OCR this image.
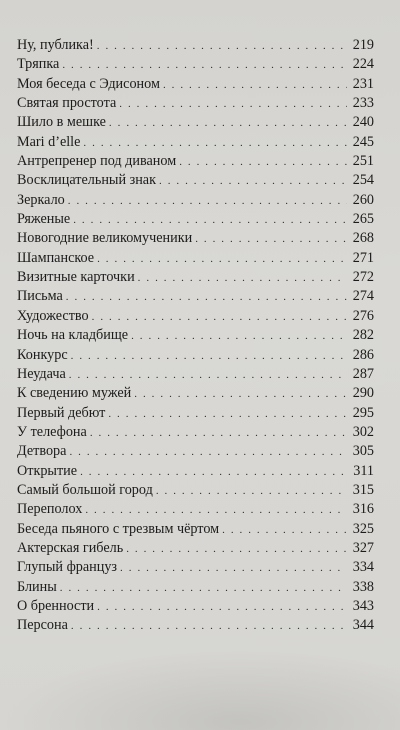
Ну, публика! . . .	219
Тряпка . . .	224
Моя беседа с Эдисоном . . .	231
Святая простота . . .	233
Шило в мешке . . .	240
Mari d’elle . . .	245
Антрепренер под диваном . . .	251
Восклицательный знак . . .	254
Зеркало . . .	260
Ряженые . . .	265
Новогодние великомученики . . .	268
Шампанское . . .	271
Визитные карточки . . .	272
Письма . . .	274
Художество . . .	276
Ночь на кладбище . . .	282
Конкурс . . .	286
Неудача . . .	287
К сведению мужей . . .	290
Первый дебют . . .	295
У телефона . . .	302
Детвора . . .	305
Открытие . . .	311
Самый большой город . . .	315
Переполох . . .	316
Беседа пьяного с трезвым чёртом . . .	325
Актерская гибель . . .	327
Глупый француз . . .	334
Блины . . .	338
О бренности . . .	343
Персона . . .	344
